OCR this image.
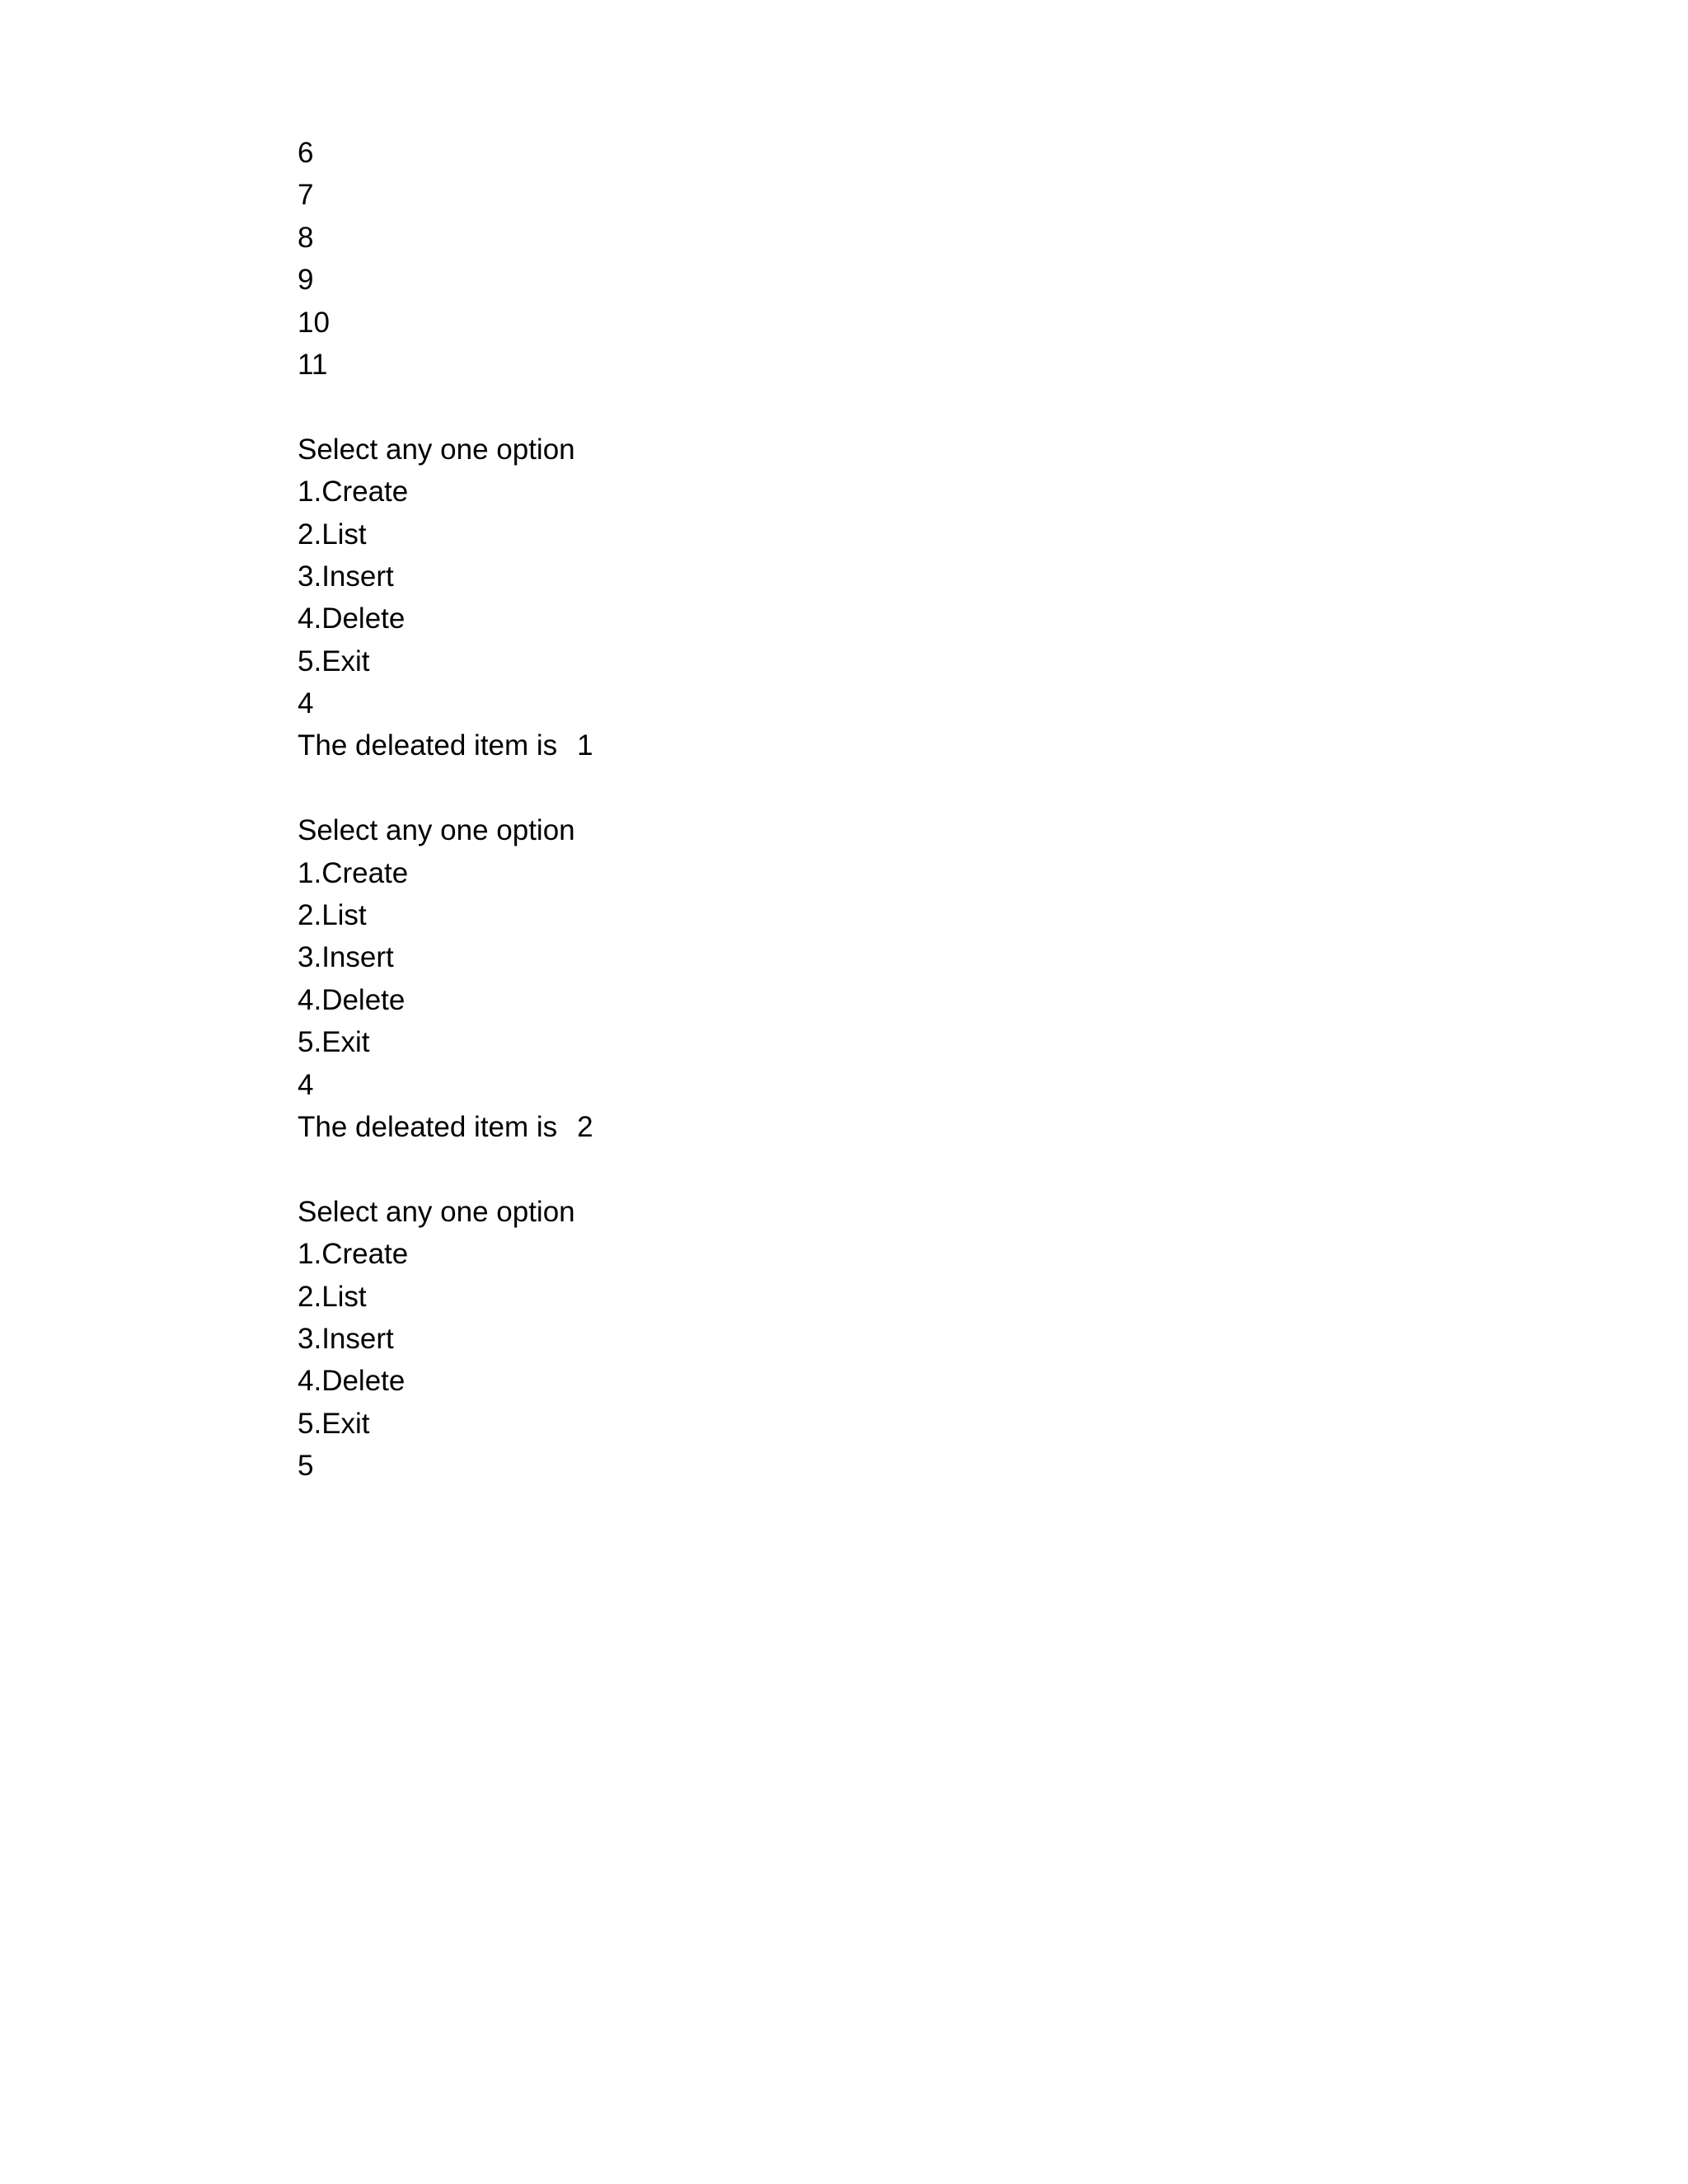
6
7
8
9
10
11
Select any one option
1.Create
2.List
3.Insert
4.Delete
5.Exit
4
The deleated item is 1
Select any one option
1.Create
2.List
3.Insert
4.Delete
5.Exit
4
The deleated item is 2
Select any one option
1.Create
2.List
3.Insert
4.Delete
5.Exit
5
